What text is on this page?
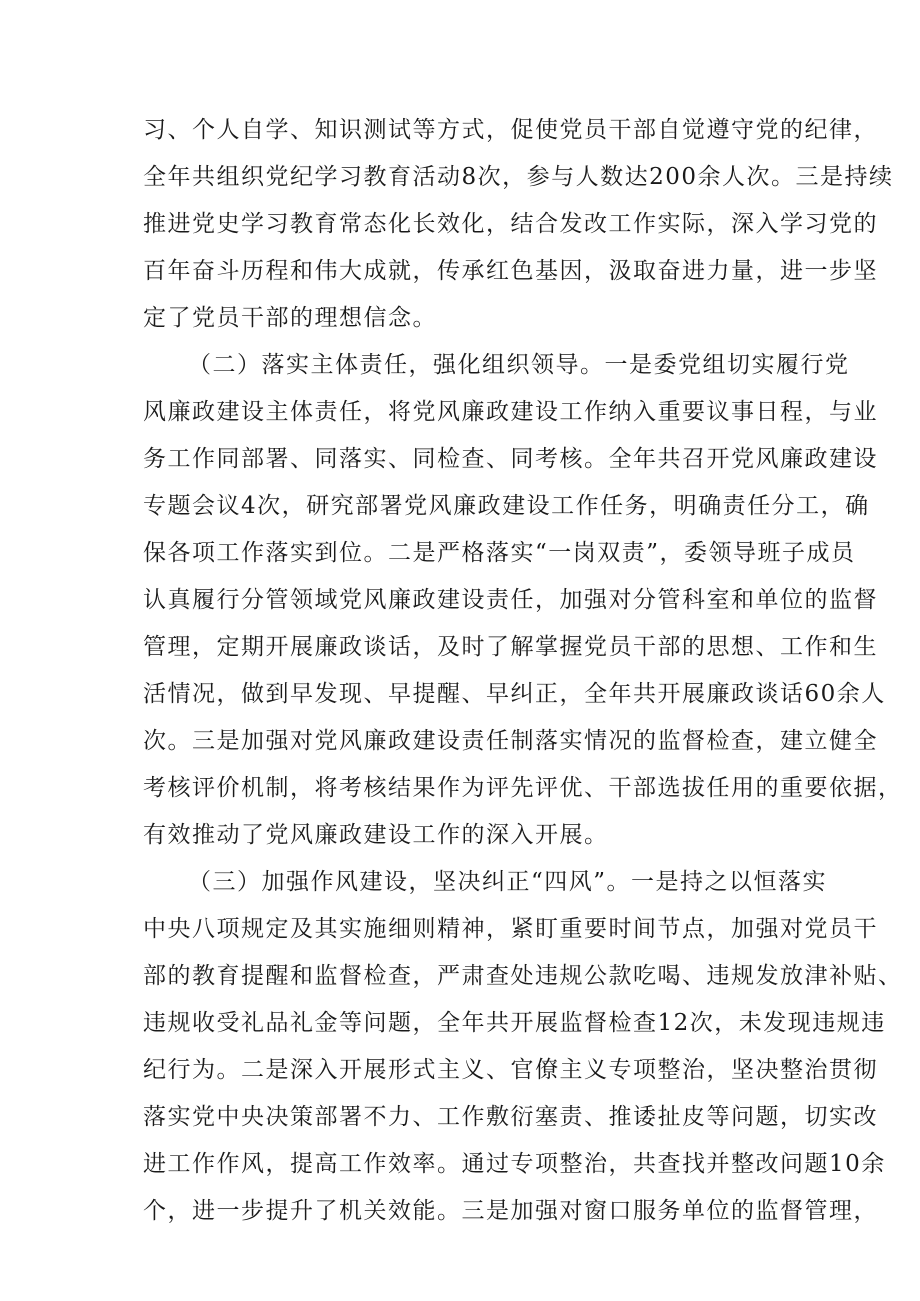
习、个人自学、知识测试等方式，促使党员干部自觉遵守党的纪律，
全年共组织党纪学习教育活动8次，参与人数达200余人次。三是持续
推进党史学习教育常态化长效化，结合发改工作实际，深入学习党的
百年奋斗历程和伟大成就，传承红色基因，汲取奋进力量，进一步坚
定了党员干部的理想信念。
（二）落实主体责任，强化组织领导。一是委党组切实履行党
风廉政建设主体责任，将党风廉政建设工作纳入重要议事日程，与业
务工作同部署、同落实、同检查、同考核。全年共召开党风廉政建设
专题会议4次，研究部署党风廉政建设工作任务，明确责任分工，确
保各项工作落实到位。二是严格落实“一岗双责”，委领导班子成员
认真履行分管领域党风廉政建设责任，加强对分管科室和单位的监督
管理，定期开展廉政谈话，及时了解掌握党员干部的思想、工作和生
活情况，做到早发现、早提醒、早纠正，全年共开展廉政谈话60余人
次。三是加强对党风廉政建设责任制落实情况的监督检查，建立健全
考核评价机制，将考核结果作为评先评优、干部选拔任用的重要依据，
有效推动了党风廉政建设工作的深入开展。
（三）加强作风建设，坚决纠正“四风”。一是持之以恒落实
中央八项规定及其实施细则精神，紧盯重要时间节点，加强对党员干
部的教育提醒和监督检查，严肃查处违规公款吃喝、违规发放津补贴、
违规收受礼品礼金等问题，全年共开展监督检查12次，未发现违规违
纪行为。二是深入开展形式主义、官僚主义专项整治，坚决整治贯彻
落实党中央决策部署不力、工作敷衍塞责、推诿扯皮等问题，切实改
进工作作风，提高工作效率。通过专项整治，共查找并整改问题10余
个，进一步提升了机关效能。三是加强对窗口服务单位的监督管理，
